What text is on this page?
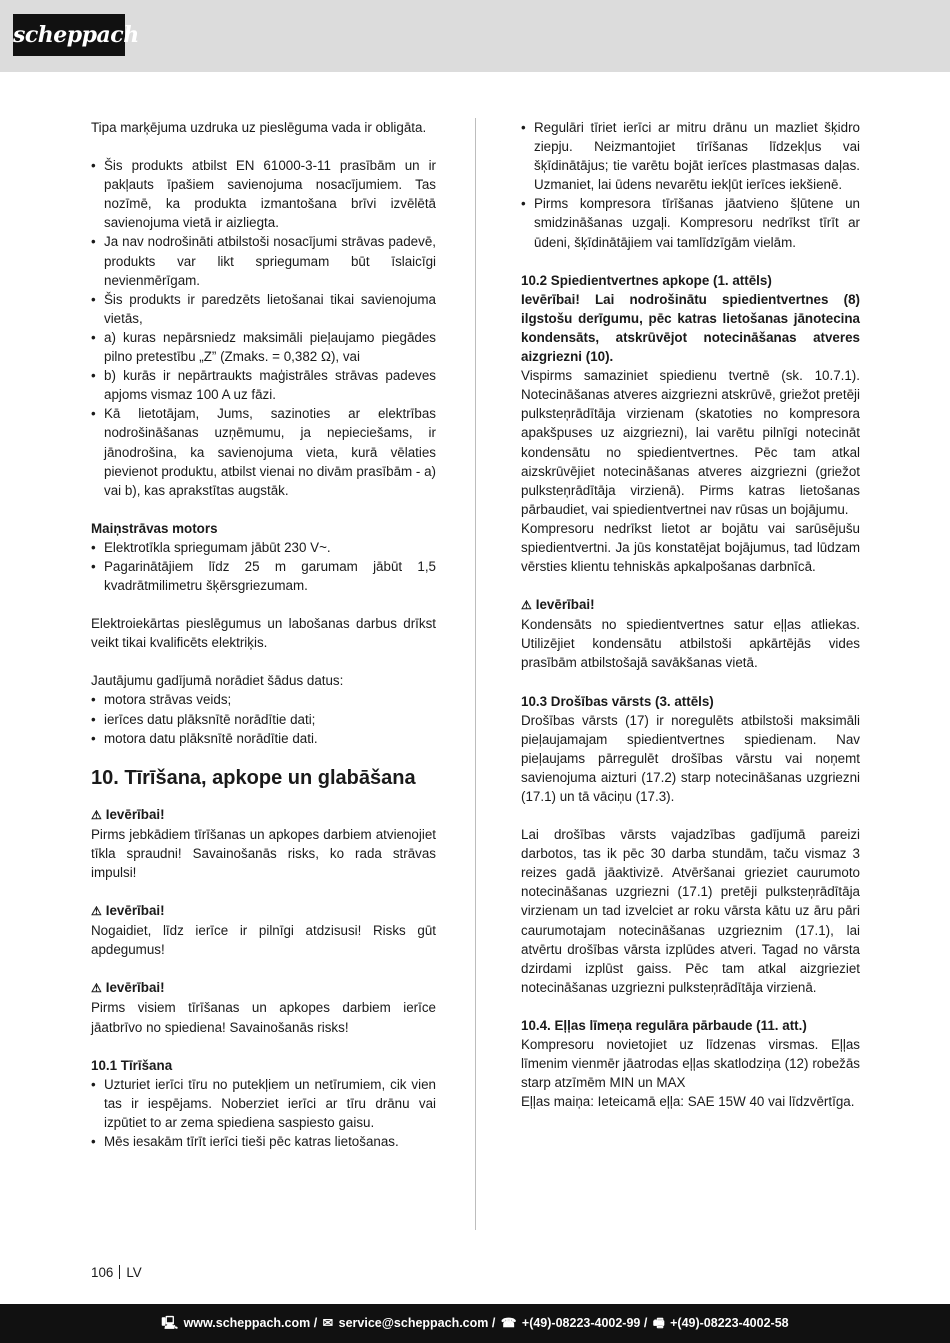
scheppach

Tipa marķējuma uzdruka uz pieslēguma vada ir obligāta.

• Šis produkts atbilst EN 61000-3-11 prasībām un ir pakļauts īpašiem savienojuma nosacījumiem. Tas nozīmē, ka produkta izmantošana brīvi izvēlētā savienojuma vietā ir aizliegta.
• Ja nav nodrošināti atbilstoši nosacījumi strāvas padevē, produkts var likt spriegumam būt īslaicīgi nevienmērīgam.
• Šis produkts ir paredzēts lietošanai tikai savienojuma vietās,
• a) kuras nepārsniedz maksimāli pieļaujamo piegādes pilno pretestību „Z” (Zmaks. = 0,382 Ω), vai
• b) kurās ir nepārtraukts maģistrāles strāvas padeves apjoms vismaz 100 A uz fāzi.
• Kā lietotājam, Jums, sazinoties ar elektrības nodrošināšanas uzņēmumu, ja nepieciešams, ir jānodrošina, ka savienojuma vieta, kurā vēlaties pievienot produktu, atbilst vienai no divām prasībām - a) vai b), kas aprakstītas augstāk.

Maiņstrāvas motors

• Elektrotīkla spriegumam jābūt 230 V~.
• Pagarinātājiem līdz 25 m garumam jābūt 1,5 kvadrātmilimetru šķērsgriezumam.

Elektroiekārtas pieslēgumus un labošanas darbus drīkst veikt tikai kvalificēts elektriķis.

Jautājumu gadījumā norādiet šādus datus:

• motora strāvas veids;
• ierīces datu plāksnītē norādītie dati;
• motora datu plāksnītē norādītie dati.
10. Tīrīšana, apkope un glabāšana

⚠ Ievērībai!

Pirms jebkādiem tīrīšanas un apkopes darbiem atvienojiet tīkla spraudni! Savainošanās risks, ko rada strāvas impulsi!

⚠ Ievērībai!

Nogaidiet, līdz ierīce ir pilnīgi atdzisusi! Risks gūt apdegumus!

⚠ Ievērībai!

Pirms visiem tīrīšanas un apkopes darbiem ierīce jāatbrīvo no spiediena! Savainošanās risks!

10.1 Tīrīšana

• Uzturiet ierīci tīru no putekļiem un netīrumiem, cik vien tas ir iespējams. Noberziet ierīci ar tīru drānu vai izpūtiet to ar zema spiediena saspiesto gaisu.
• Mēs iesakām tīrīt ierīci tieši pēc katras lietošanas.
• Regulāri tīriet ierīci ar mitru drānu un mazliet šķidro ziepju. Neizmantojiet tīrīšanas līdzekļus vai šķīdinātājus; tie varētu bojāt ierīces plastmasas daļas. Uzmaniet, lai ūdens nevarētu iekļūt ierīces iekšienē.
• Pirms kompresora tīrīšanas jāatvieno šļūtene un smidzināšanas uzgaļi. Kompresoru nedrīkst tīrīt ar ūdeni, šķīdinātājiem vai tamlīdzīgām vielām.

10.2 Spiedientvertnes apkope (1. attēls)

Ievērībai! Lai nodrošinātu spiedientvertnes (8) ilgstošu derīgumu, pēc katras lietošanas jānotecina kondensāts, atskrūvējot notecināšanas atveres aizgriezni (10).

Vispirms samaziniet spiedienu tvertnē (sk. 10.7.1). Notecināšanas atveres aizgriezni atskrūvē, griežot pretēji pulksteņrādītāja virzienam (skatoties no kompresora apakšpuses uz aizgriezni), lai varētu pilnīgi notecināt kondensātu no spiedientvertnes. Pēc tam atkal aizskrūvējiet notecināšanas atveres aizgriezni (griežot pulksteņrādītāja virzienā). Pirms katras lietošanas pārbaudiet, vai spiedientvertnei nav rūsas un bojājumu.

Kompresoru nedrīkst lietot ar bojātu vai sarūsējušu spiedientvertni. Ja jūs konstatējat bojājumus, tad lūdzam vērsties klientu tehniskās apkalpošanas darbnīcā.

⚠ Ievērībai!

Kondensāts no spiedientvertnes satur eļļas atliekas. Utilizējiet kondensātu atbilstoši apkārtējās vides prasībām atbilstošajā savākšanas vietā.

10.3 Drošības vārsts (3. attēls)

Drošības vārsts (17) ir noregulēts atbilstoši maksimāli pieļaujamajam spiedientvertnes spiedienam. Nav pieļaujams pārregulēt drošības vārstu vai noņemt savienojuma aizturi (17.2) starp notecināšanas uzgriezni (17.1) un tā vāciņu (17.3).

Lai drošības vārsts vajadzības gadījumā pareizi darbotos, tas ik pēc 30 darba stundām, taču vismaz 3 reizes gadā jāaktivizē. Atvēršanai grieziet caurumoto notecināšanas uzgriezni (17.1) pretēji pulksteņrādītāja virzienam un tad izvelciet ar roku vārsta kātu uz āru pāri caurumotajam notecināšanas uzgrieznim (17.1), lai atvērtu drošības vārsta izplūdes atveri. Tagad no vārsta dzirdami izplūst gaiss. Pēc tam atkal aizgrieziet notecināšanas uzgriezni pulksteņrādītāja virzienā.

10.4. Eļļas līmeņa regulāra pārbaude (11. att.)

Kompresoru novietojiet uz līdzenas virsmas. Eļļas līmenim vienmēr jāatrodas eļļas skatlodziņa (12) robežās starp atzīmēm MIN un MAX

Eļļas maiņa: Ieteicamā eļļa: SAE 15W 40 vai līdzvērtīga.

106 LV
🖳 www.scheppach.com / ✉ service@scheppach.com / ☎ +(49)-08223-4002-99 / 🖷 +(49)-08223-4002-58
